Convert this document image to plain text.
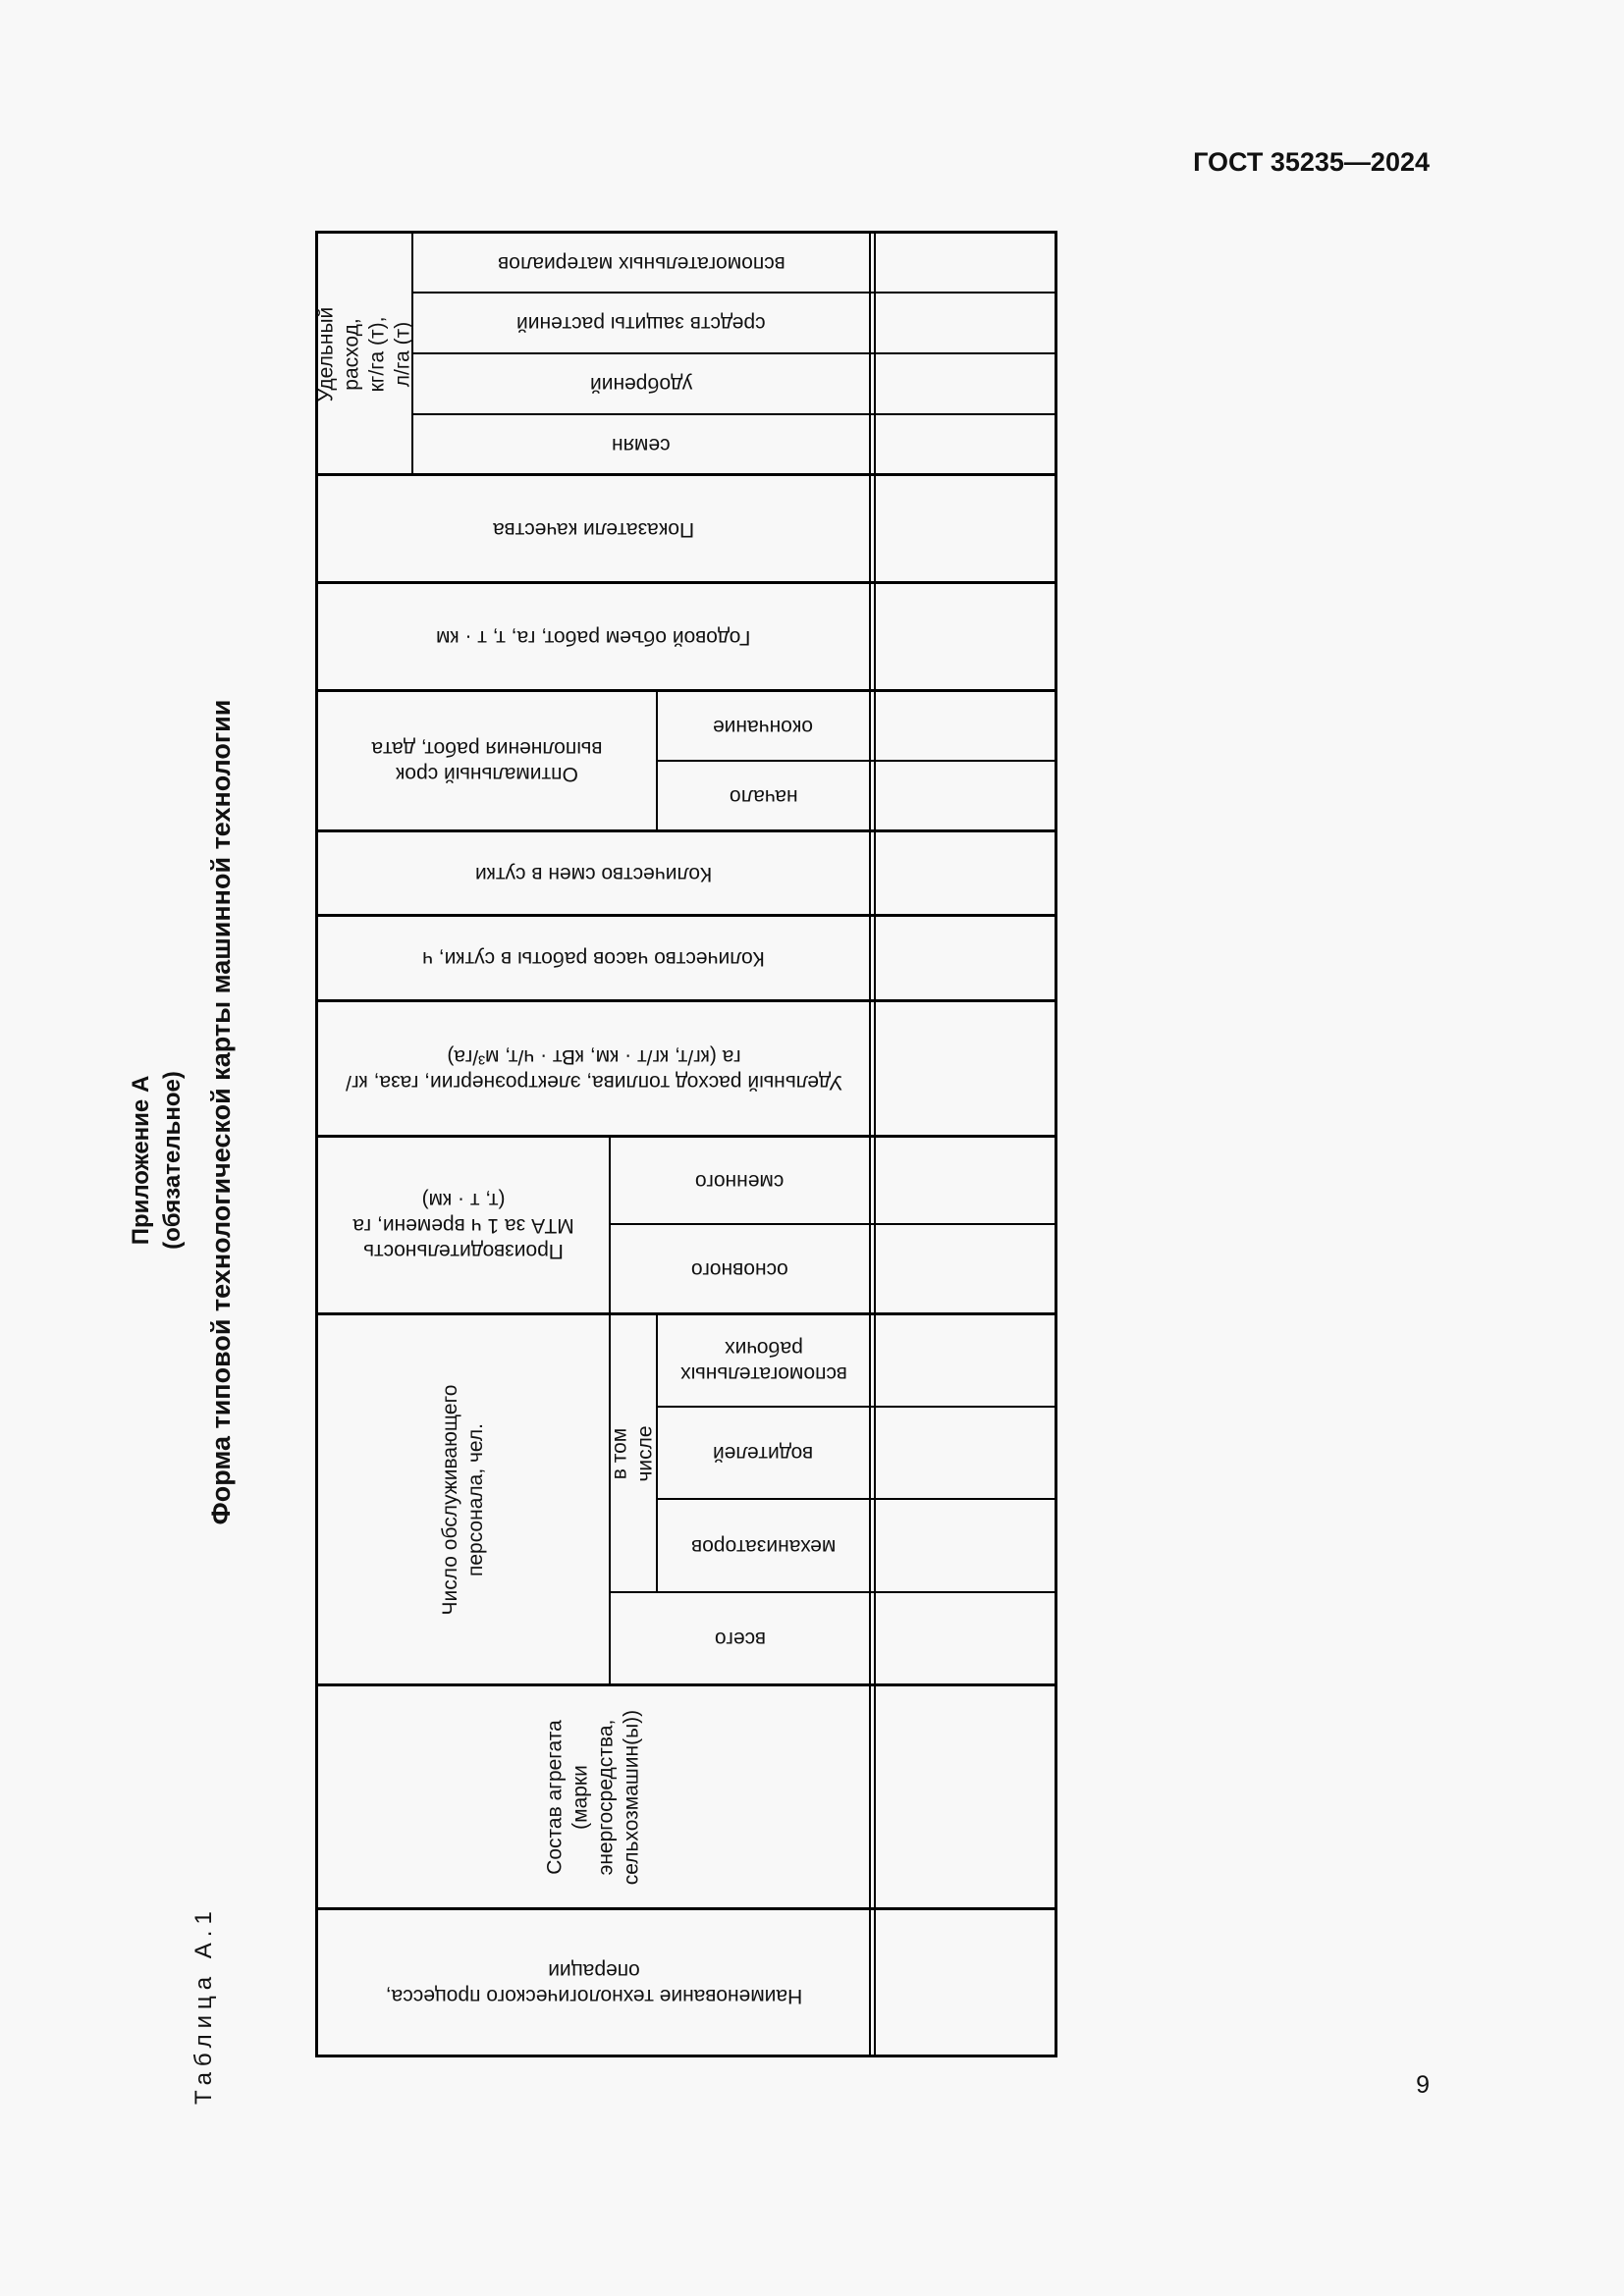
ГОСТ 35235—2024
Приложение А (обязательное) Форма типовой технологической карты машинной технологии
Таблица А.1
Удельный расход, кг/га (т), л/га (т)
вспомогательных материалов
средств защиты растений
удобрений
семян
Показатели качества
Годовой объем работ, га, т, т · км
Оптимальный срок выполнения работ, дата
окончание
начало
Количество смен в сутки
Количество часов работы в сутки, ч
Удельный расход топлива, электроэнергии, газа, кг/га (кг/т, кг/т · км, кВт · ч/т, м³/га)
Производительность МТА за 1 ч времени, га (т, т · км)
сменного
основного
Число обслуживающего персонала, чел.	в том числе
вспомогательных рабочих
водителей
механизаторов
всего
Состав агрегата (марки энергосредства, сельхозмашин(ы))
Наименование технологического процесса, операции
9
